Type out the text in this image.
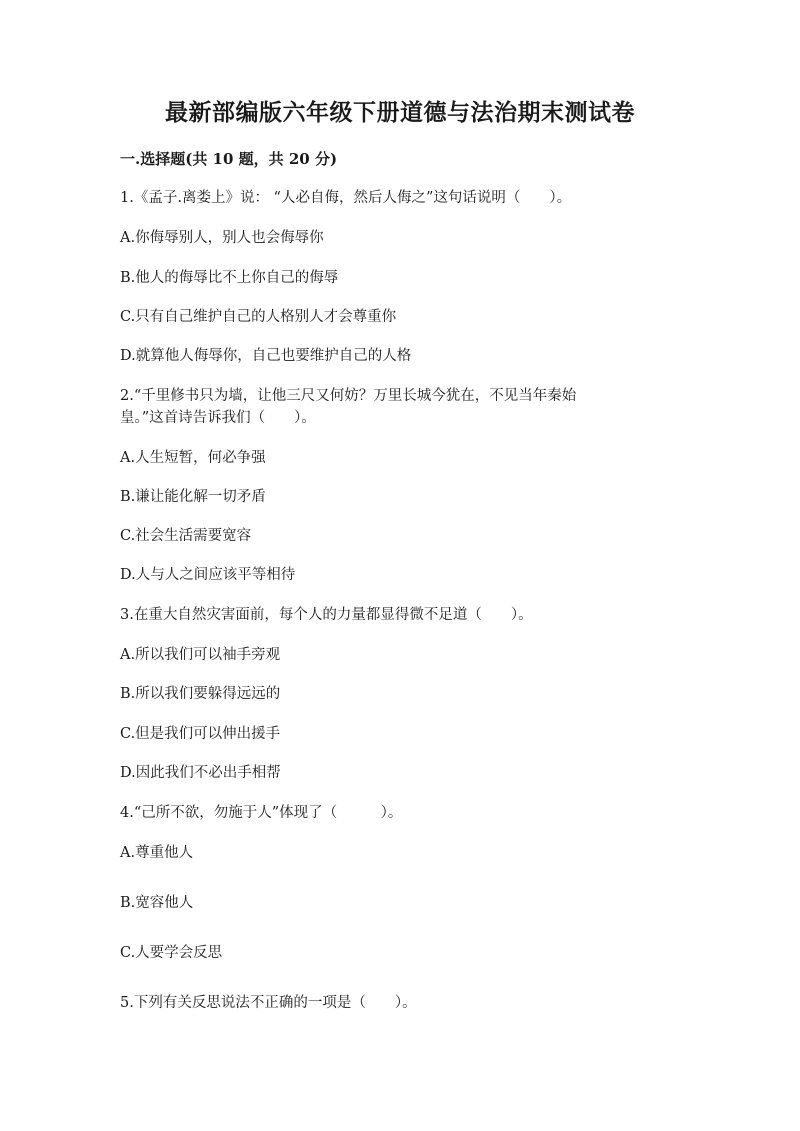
最新部编版六年级下册道德与法治期末测试卷
一.选择题(共 10 题，共 20 分)
1.《孟子.离娄上》说： “人必自侮，然后人侮之”这句话说明（　　）。
A.你侮辱别人，别人也会侮辱你
B.他人的侮辱比不上你自己的侮辱
C.只有自己维护自己的人格别人才会尊重你
D.就算他人侮辱你，自己也要维护自己的人格
2.“千里修书只为墙，让他三尺又何妨？万里长城今犹在，不见当年秦始
皇。”这首诗告诉我们（　　）。
A.人生短暂，何必争强
B.谦让能化解一切矛盾
C.社会生活需要宽容
D.人与人之间应该平等相待
3.在重大自然灾害面前，每个人的力量都显得微不足道（　　）。
A.所以我们可以袖手旁观
B.所以我们要躲得远远的
C.但是我们可以伸出援手
D.因此我们不必出手相帮
4.“己所不欲，勿施于人”体现了（　　　）。
A.尊重他人
B.宽容他人
C.人要学会反思
5.下列有关反思说法不正确的一项是（　　）。
